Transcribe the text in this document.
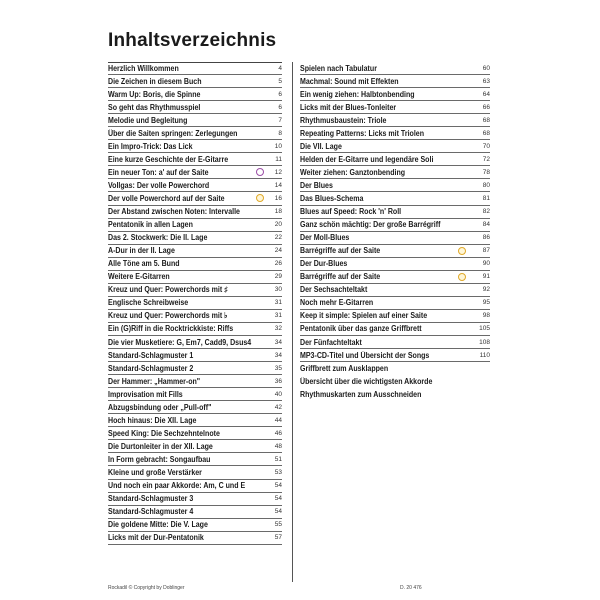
Inhaltsverzeichnis
Herzlich Willkommen	4
Die Zeichen in diesem Buch	5
Warm Up: Boris, die Spinne	6
So geht das Rhythmusspiel	6
Melodie und Begleitung	7
Über die Saiten springen: Zerlegungen	8
Ein Impro-Trick: Das Lick	10
Eine kurze Geschichte der E-Gitarre	11
Ein neuer Ton: a' auf der Saite	12
Vollgas: Der volle Powerchord	14
Der volle Powerchord auf der Saite	16
Der Abstand zwischen Noten: Intervalle	18
Pentatonik in allen Lagen	20
Das 2. Stockwerk: Die II. Lage	22
A-Dur in der II. Lage	24
Alle Töne am 5. Bund	26
Weitere E-Gitarren	29
Kreuz und Quer: Powerchords mit ♯	30
Englische Schreibweise	31
Kreuz und Quer: Powerchords mit ♭	31
Ein (G)Riff in die Rocktrickkiste: Riffs	32
Die vier Musketiere: G, Em7, Cadd9, Dsus4	34
Standard-Schlagmuster 1	34
Standard-Schlagmuster 2	35
Der Hammer: „Hammer-on"	36
Improvisation mit Fills	40
Abzugsbindung oder „Pull-off"	42
Hoch hinaus: Die XII. Lage	44
Speed King: Die Sechzehntelnote	46
Die Durtonleiter in der XII. Lage	48
In Form gebracht: Songaufbau	51
Kleine und große Verstärker	53
Und noch ein paar Akkorde: Am, C und E	54
Standard-Schlagmuster 3	54
Standard-Schlagmuster 4	54
Die goldene Mitte: Die V. Lage	55
Licks mit der Dur-Pentatonik	57
Spielen nach Tabulatur	60
Machmal: Sound mit Effekten	63
Ein wenig ziehen: Halbtonbending	64
Licks mit der Blues-Tonleiter	66
Rhythmusbaustein: Triole	68
Repeating Patterns: Licks mit Triolen	68
Die VII. Lage	70
Helden der E-Gitarre und legendäre Soli	72
Weiter ziehen: Ganztonbending	78
Der Blues	80
Das Blues-Schema	81
Blues auf Speed: Rock 'n' Roll	82
Ganz schön mächtig: Der große Barrégriff	84
Der Moll-Blues	86
Barrégriffe auf der Saite	87
Der Dur-Blues	90
Barrégriffe auf der Saite	91
Der Sechsachteltakt	92
Noch mehr E-Gitarren	95
Keep it simple: Spielen auf einer Saite	98
Pentatonik über das ganze Griffbrett	105
Der Fünfachteltakt	108
MP3-CD-Titel und Übersicht der Songs	110
Griffbrett zum Ausklappen
Übersicht über die wichtigsten Akkorde
Rhythmuskarten zum Ausschneiden
Rockadil © Copyright by Doblinger	D. 20 476
